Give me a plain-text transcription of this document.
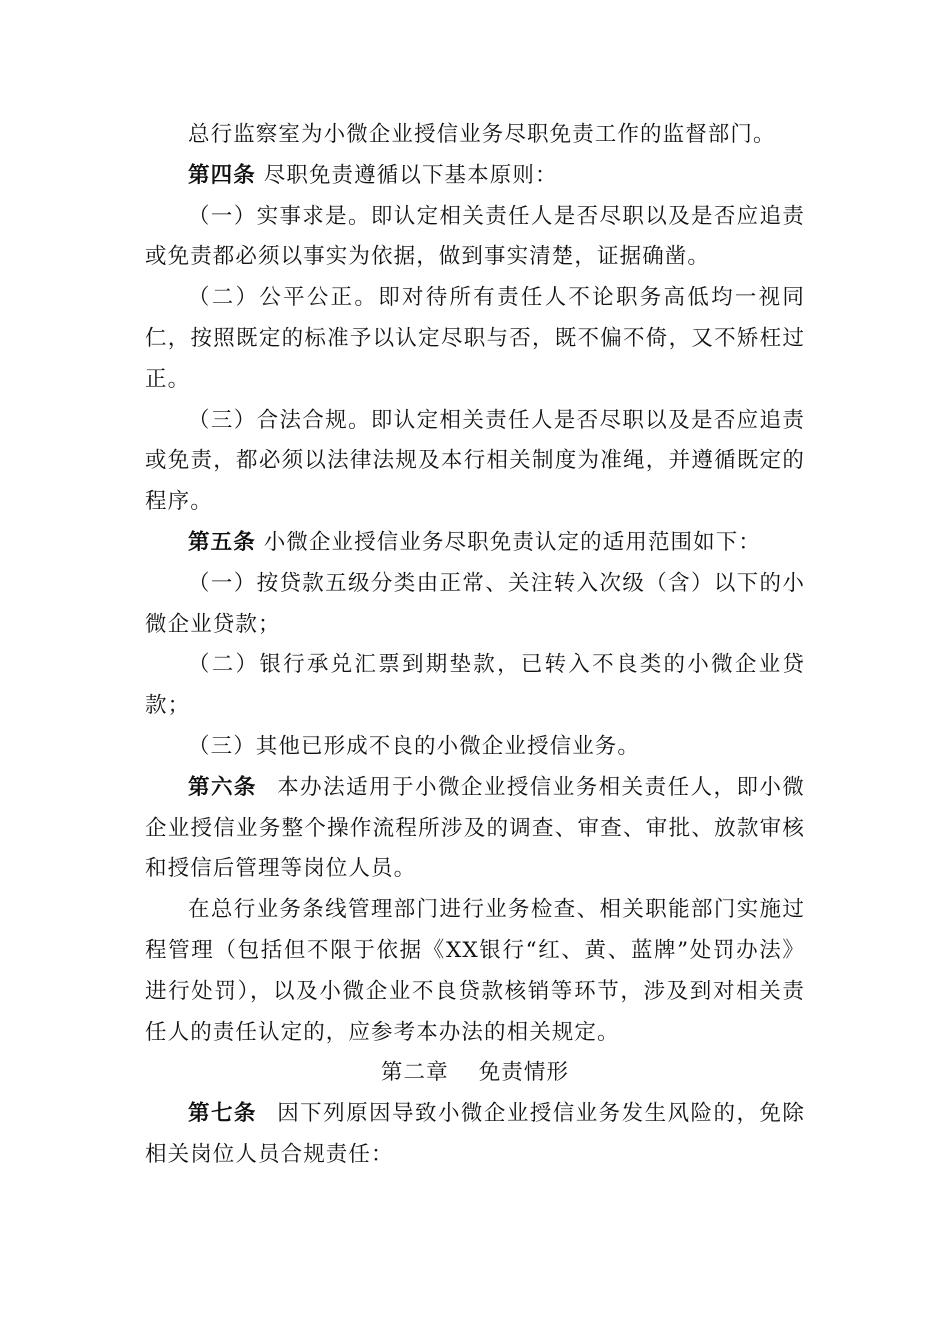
总行监察室为小微企业授信业务尽职免责工作的监督部门。

第四条 尽职免责遵循以下基本原则：

（一）实事求是。即认定相关责任人是否尽职以及是否应追责或免责都必须以事实为依据，做到事实清楚，证据确凿。

（二）公平公正。即对待所有责任人不论职务高低均一视同仁，按照既定的标准予以认定尽职与否，既不偏不倚，又不矫枉过正。

（三）合法合规。即认定相关责任人是否尽职以及是否应追责或免责，都必须以法律法规及本行相关制度为准绳，并遵循既定的程序。

第五条 小微企业授信业务尽职免责认定的适用范围如下：

（一）按贷款五级分类由正常、关注转入次级（含）以下的小微企业贷款；

（二）银行承兑汇票到期垫款，已转入不良类的小微企业贷款；

（三）其他已形成不良的小微企业授信业务。

第六条 本办法适用于小微企业授信业务相关责任人，即小微企业授信业务整个操作流程所涉及的调查、审查、审批、放款审核和授信后管理等岗位人员。

在总行业务条线管理部门进行业务检查、相关职能部门实施过程管理（包括但不限于依据《XX银行“红、黄、蓝牌”处罚办法》进行处罚），以及小微企业不良贷款核销等环节，涉及到对相关责任人的责任认定的，应参考本办法的相关规定。

第二章 免责情形

第七条 因下列原因导致小微企业授信业务发生风险的，免除相关岗位人员合规责任：
